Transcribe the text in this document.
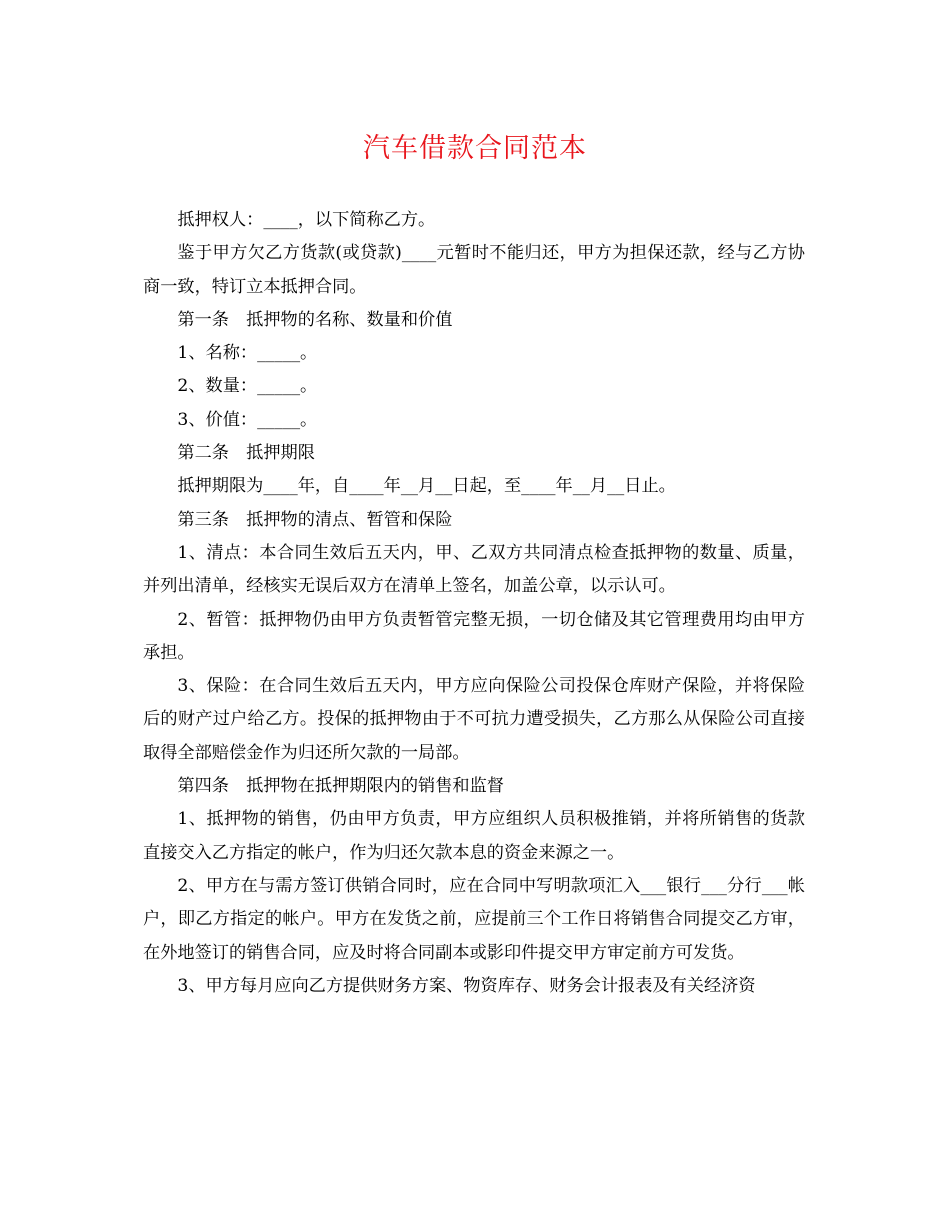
汽车借款合同范本

抵押权人：____，以下简称乙方。

鉴于甲方欠乙方货款(或贷款)____元暂时不能归还，甲方为担保还款，经与乙方协商一致，特订立本抵押合同。

第一条　抵押物的名称、数量和价值

1、名称：_____。

2、数量：_____。

3、价值：_____。

第二条　抵押期限

抵押期限为____年，自____年__月__日起，至____年__月__日止。

第三条　抵押物的清点、暂管和保险

1、清点：本合同生效后五天内，甲、乙双方共同清点检查抵押物的数量、质量，并列出清单，经核实无误后双方在清单上签名，加盖公章，以示认可。

2、暂管：抵押物仍由甲方负责暂管完整无损，一切仓储及其它管理费用均由甲方承担。

3、保险：在合同生效后五天内，甲方应向保险公司投保仓库财产保险，并将保险后的财产过户给乙方。投保的抵押物由于不可抗力遭受损失，乙方那么从保险公司直接取得全部赔偿金作为归还所欠款的一局部。

第四条　抵押物在抵押期限内的销售和监督

1、抵押物的销售，仍由甲方负责，甲方应组织人员积极推销，并将所销售的货款直接交入乙方指定的帐户，作为归还欠款本息的资金来源之一。

2、甲方在与需方签订供销合同时，应在合同中写明款项汇入___银行___分行___帐户，即乙方指定的帐户。甲方在发货之前，应提前三个工作日将销售合同提交乙方审，在外地签订的销售合同，应及时将合同副本或影印件提交甲方审定前方可发货。

3、甲方每月应向乙方提供财务方案、物资库存、财务会计报表及有关经济资
